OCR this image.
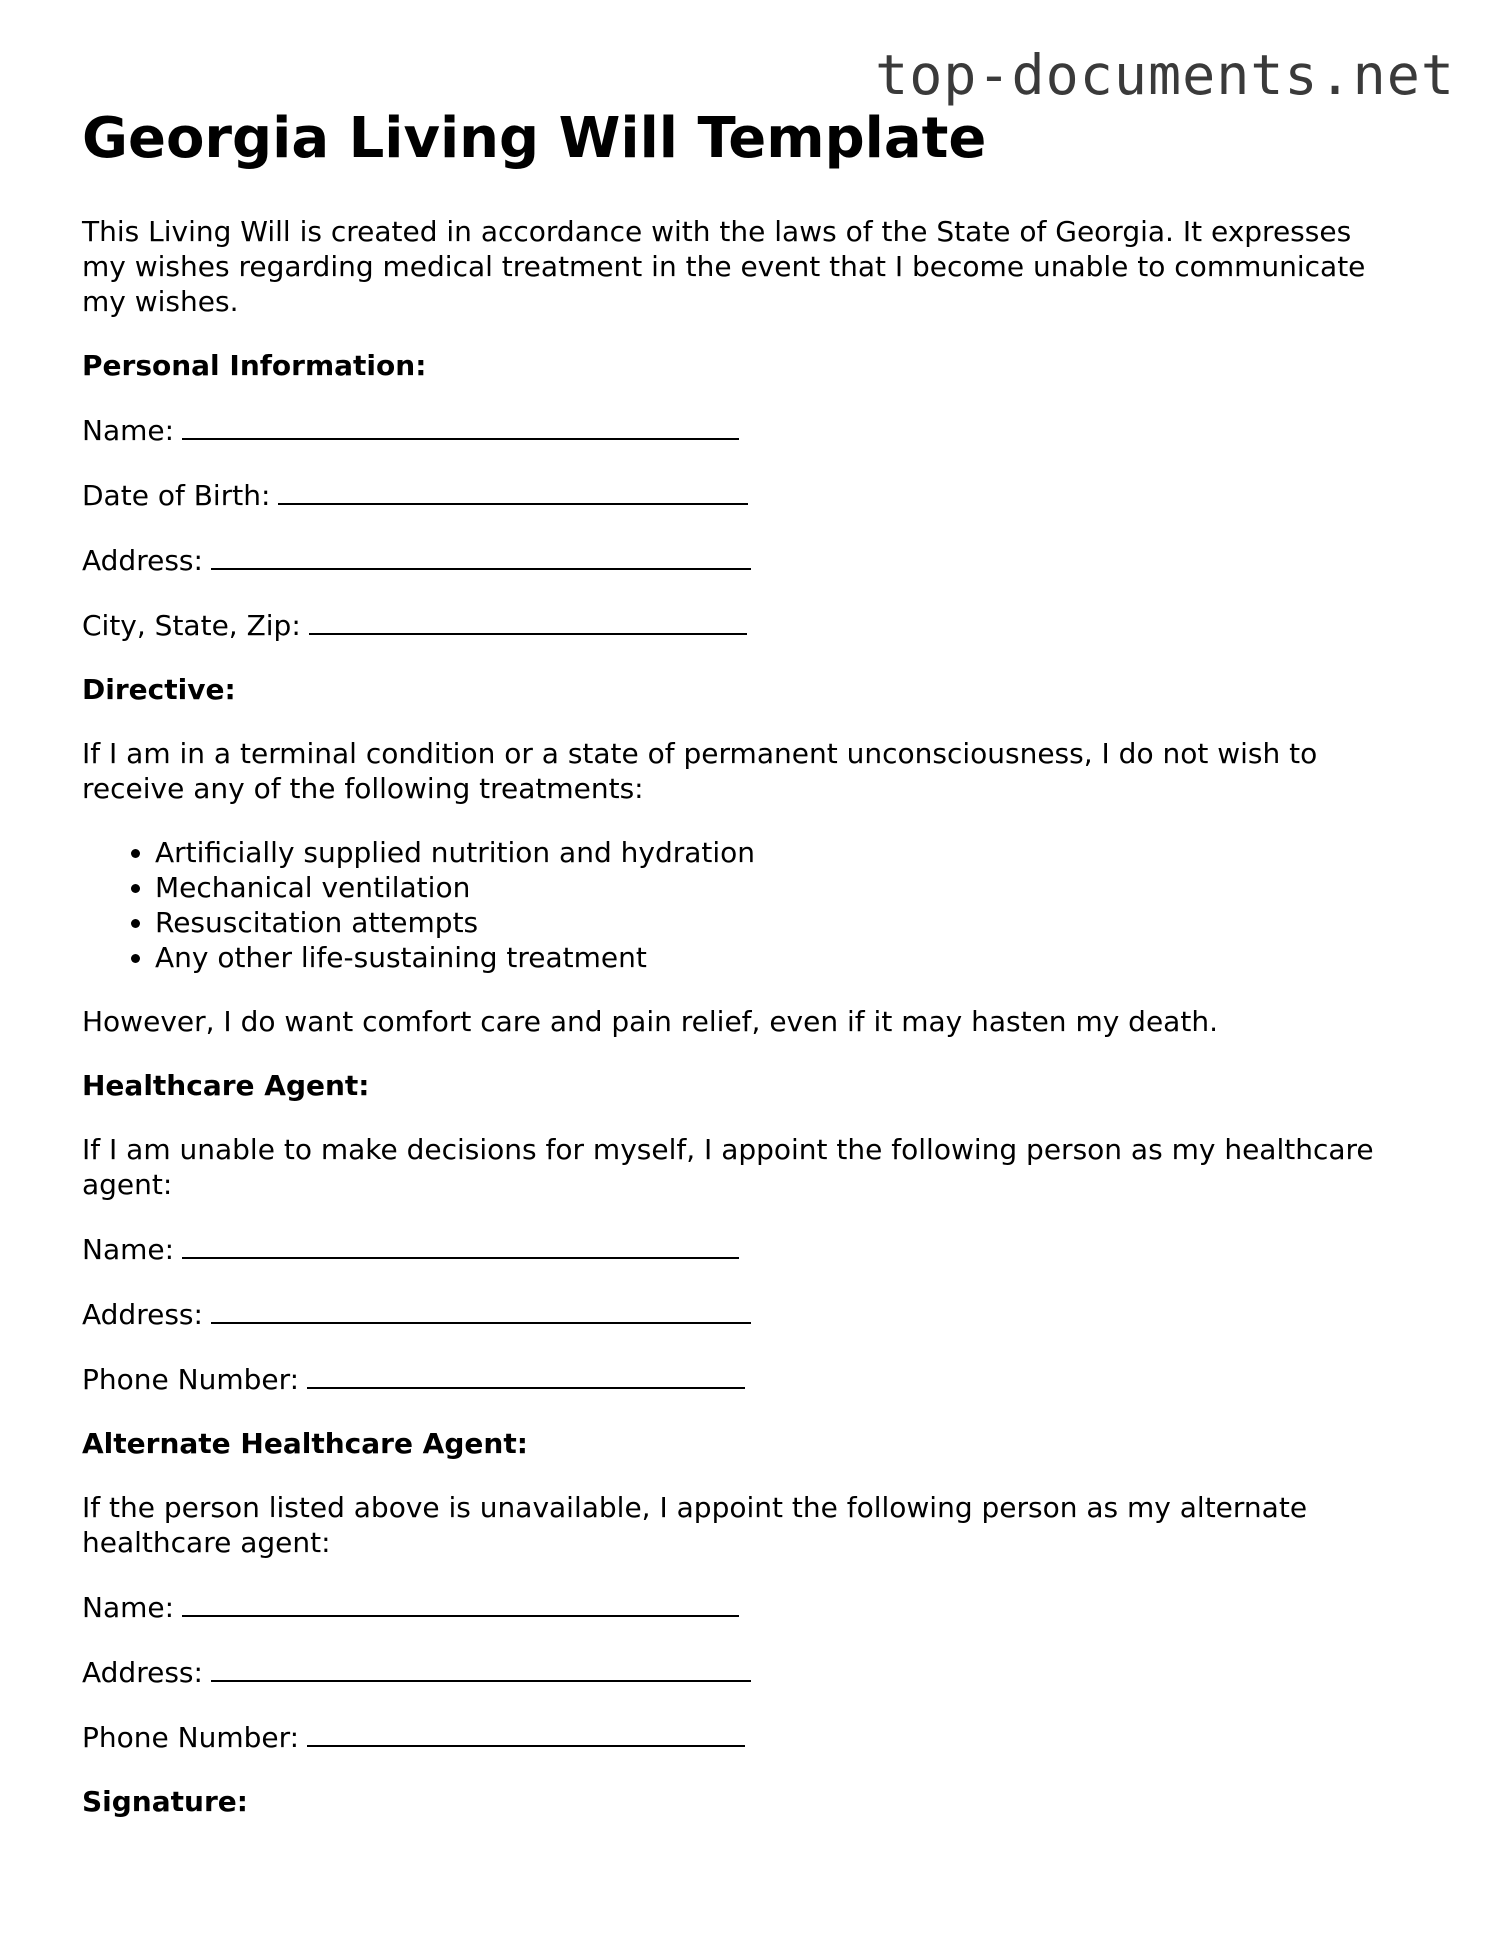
top-documents.net
Georgia Living Will Template

This Living Will is created in accordance with the laws of the State of Georgia. It expresses my wishes regarding medical treatment in the event that I become unable to communicate my wishes.

Personal Information:

Name:

Date of Birth:

Address:

City, State, Zip:

Directive:

If I am in a terminal condition or a state of permanent unconsciousness, I do not wish to receive any of the following treatments:

• Artificially supplied nutrition and hydration
• Mechanical ventilation
• Resuscitation attempts
• Any other life-sustaining treatment

However, I do want comfort care and pain relief, even if it may hasten my death.

Healthcare Agent:

If I am unable to make decisions for myself, I appoint the following person as my healthcare agent:

Name:

Address:

Phone Number:

Alternate Healthcare Agent:

If the person listed above is unavailable, I appoint the following person as my alternate healthcare agent:

Name:

Address:

Phone Number:

Signature:
